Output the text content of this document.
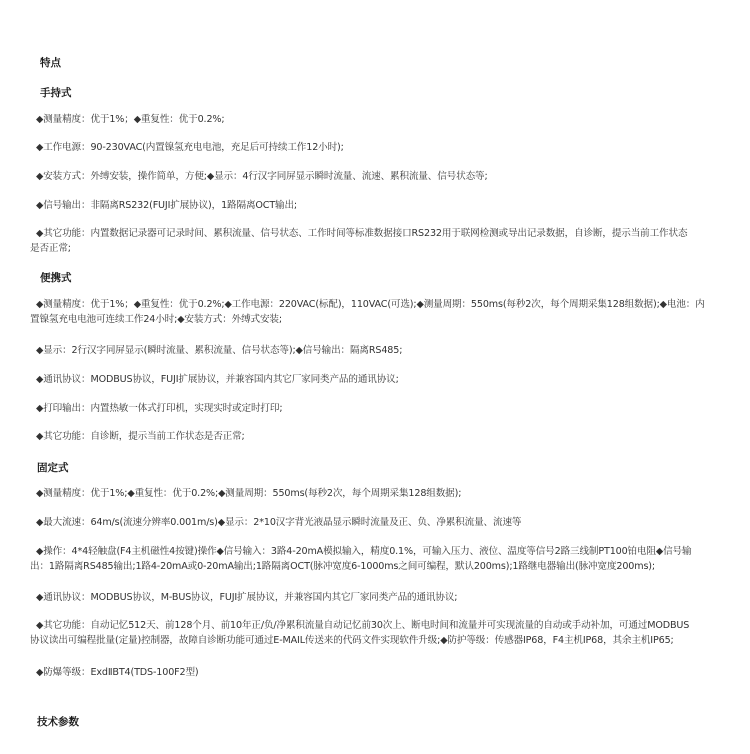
特点
手持式

◆测量精度：优于1%；◆重复性：优于0.2%;

◆工作电源：90-230VAC(内置镍氢充电电池，充足后可持续工作12小时);

◆安装方式：外缚安装，操作简单，方便;◆显示：4行汉字同屏显示瞬时流量、流速、累积流量、信号状态等;

◆信号输出：非隔离RS232(FUJI扩展协议)，1路隔离OCT输出;

◆其它功能：内置数据记录器可记录时间、累积流量、信号状态、工作时间等标准数据接口RS232用于联网检测或导出记录数据，自诊断，提示当前工作状态
是否正常;

便携式

◆测量精度：优于1%；◆重复性：优于0.2%;◆工作电源：220VAC(标配)，110VAC(可选);◆测量周期：550ms(每秒2次，每个周期采集128组数据);◆电池：内
置镍氢充电电池可连续工作24小时;◆安装方式：外缚式安装;

◆显示：2行汉字同屏显示(瞬时流量、累积流量、信号状态等);◆信号输出：隔离RS485;

◆通讯协议：MODBUS协议，FUJI扩展协议，并兼容国内其它厂家同类产品的通讯协议;

◆打印输出：内置热敏一体式打印机，实现实时或定时打印;

◆其它功能：自诊断，提示当前工作状态是否正常;

固定式

◆测量精度：优于1%;◆重复性：优于0.2%;◆测量周期：550ms(每秒2次，每个周期采集128组数据);

◆最大流速：64m/s(流速分辨率0.001m/s)◆显示：2*10汉字背光液晶显示瞬时流量及正、负、净累积流量、流速等

◆操作：4*4轻触盘(F4主机磁性4按键)操作◆信号输入：3路4-20mA模拟输入，精度0.1%，可输入压力、液位、温度等信号2路三线制PT100铂电阻◆信号输
出：1路隔离RS485输出;1路4-20mA或0-20mA输出;1路隔离OCT(脉冲宽度6-1000ms之间可编程，默认200ms);1路继电器输出(脉冲宽度200ms);

◆通讯协议：MODBUS协议，M-BUS协议，FUJI扩展协议，并兼容国内其它厂家同类产品的通讯协议;

◆其它功能：自动记忆512天、前128个月、前10年正/负/净累积流量自动记忆前30次上、断电时间和流量并可实现流量的自动或手动补加，可通过MODBUS
协议读出可编程批量(定量)控制器，故障自诊断功能可通过E-MAIL传送来的代码文件实现软件升级;◆防护等级：传感器IP68，F4主机IP68，其余主机IP65;

◆防爆等级：ExdⅡBT4(TDS-100F2型)

技术参数
